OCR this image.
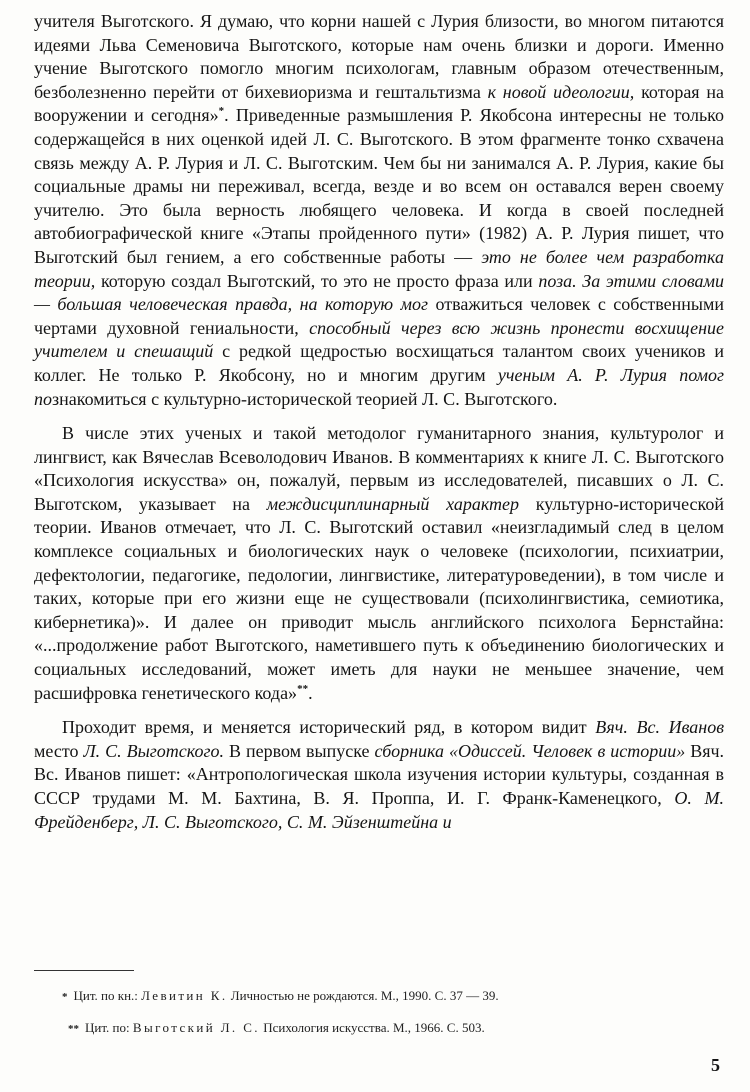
учителя Выготского. Я думаю, что корни нашей с Лурия близости, во многом питаются идеями Льва Семеновича Выготского, которые нам очень близки и дороги. Именно учение Выготского помогло многим психологам, главным образом отечественным, безболезненно перейти от бихевиоризма и гештальтизма к новой идеологии, которая на вооружении и сегодня»*. Приведенные размышления Р. Якобсона интересны не только содержащейся в них оценкой идей Л. С. Выготского. В этом фрагменте тонко схвачена связь между А. Р. Лурия и Л. С. Выготским. Чем бы ни занимался А. Р. Лурия, какие бы социальные драмы ни переживал, всегда, везде и во всем он оставался верен своему учителю. Это была верность любящего человека. И когда в своей последней автобиографической книге «Этапы пройденного пути» (1982) А. Р. Лурия пишет, что Выготский был гением, а его собственные работы — это не более чем разработка теории, которую создал Выготский, то это не просто фраза или поза. За этими словами — большая человеческая правда, на которую мог отважиться человек с собственными чертами духовной гениальности, способный через всю жизнь пронести восхищение учителем и спешащий с редкой щедростью восхищаться талантом своих учеников и коллег. Не только Р. Якобсону, но и многим другим ученым А. Р. Лурия помог познакомиться с культурно-исторической теорией Л. С. Выготского.

В числе этих ученых и такой методолог гуманитарного знания, культуролог и лингвист, как Вячеслав Всеволодович Иванов. В комментариях к книге Л. С. Выготского «Психология искусства» он, пожалуй, первым из исследователей, писавших о Л. С. Выготском, указывает на междисциплинарный характер культурно-исторической теории. Иванов отмечает, что Л. С. Выготский оставил «неизгладимый след в целом комплексе социальных и биологических наук о человеке (психологии, психиатрии, дефектологии, педагогике, педологии, лингвистике, литературоведении), в том числе и таких, которые при его жизни еще не существовали (психолингвистика, семиотика, кибернетика)». И далее он приводит мысль английского психолога Бернстайна: «...продолжение работ Выготского, наметившего путь к объединению биологических и социальных исследований, может иметь для науки не меньшее значение, чем расшифровка генетического кода»**.

Проходит время, и меняется исторический ряд, в котором видит Вяч. Вс. Иванов место Л. С. Выготского. В первом выпуске сборника «Одиссей. Человек в истории» Вяч. Вс. Иванов пишет: «Антропологическая школа изучения истории культуры, созданная в СССР трудами М. М. Бахтина, В. Я. Проппа, И. Г. Франк-Каменецкого, О. М. Фрейденберг, Л. С. Выготского, С. М. Эйзенштейна и

* Цит. по кн.: Левитин К. Личностью не рождаются. М., 1990. С. 37 — 39.
** Цит. по: Выготский Л. С. Психология искусства. М., 1966. С. 503.
5
